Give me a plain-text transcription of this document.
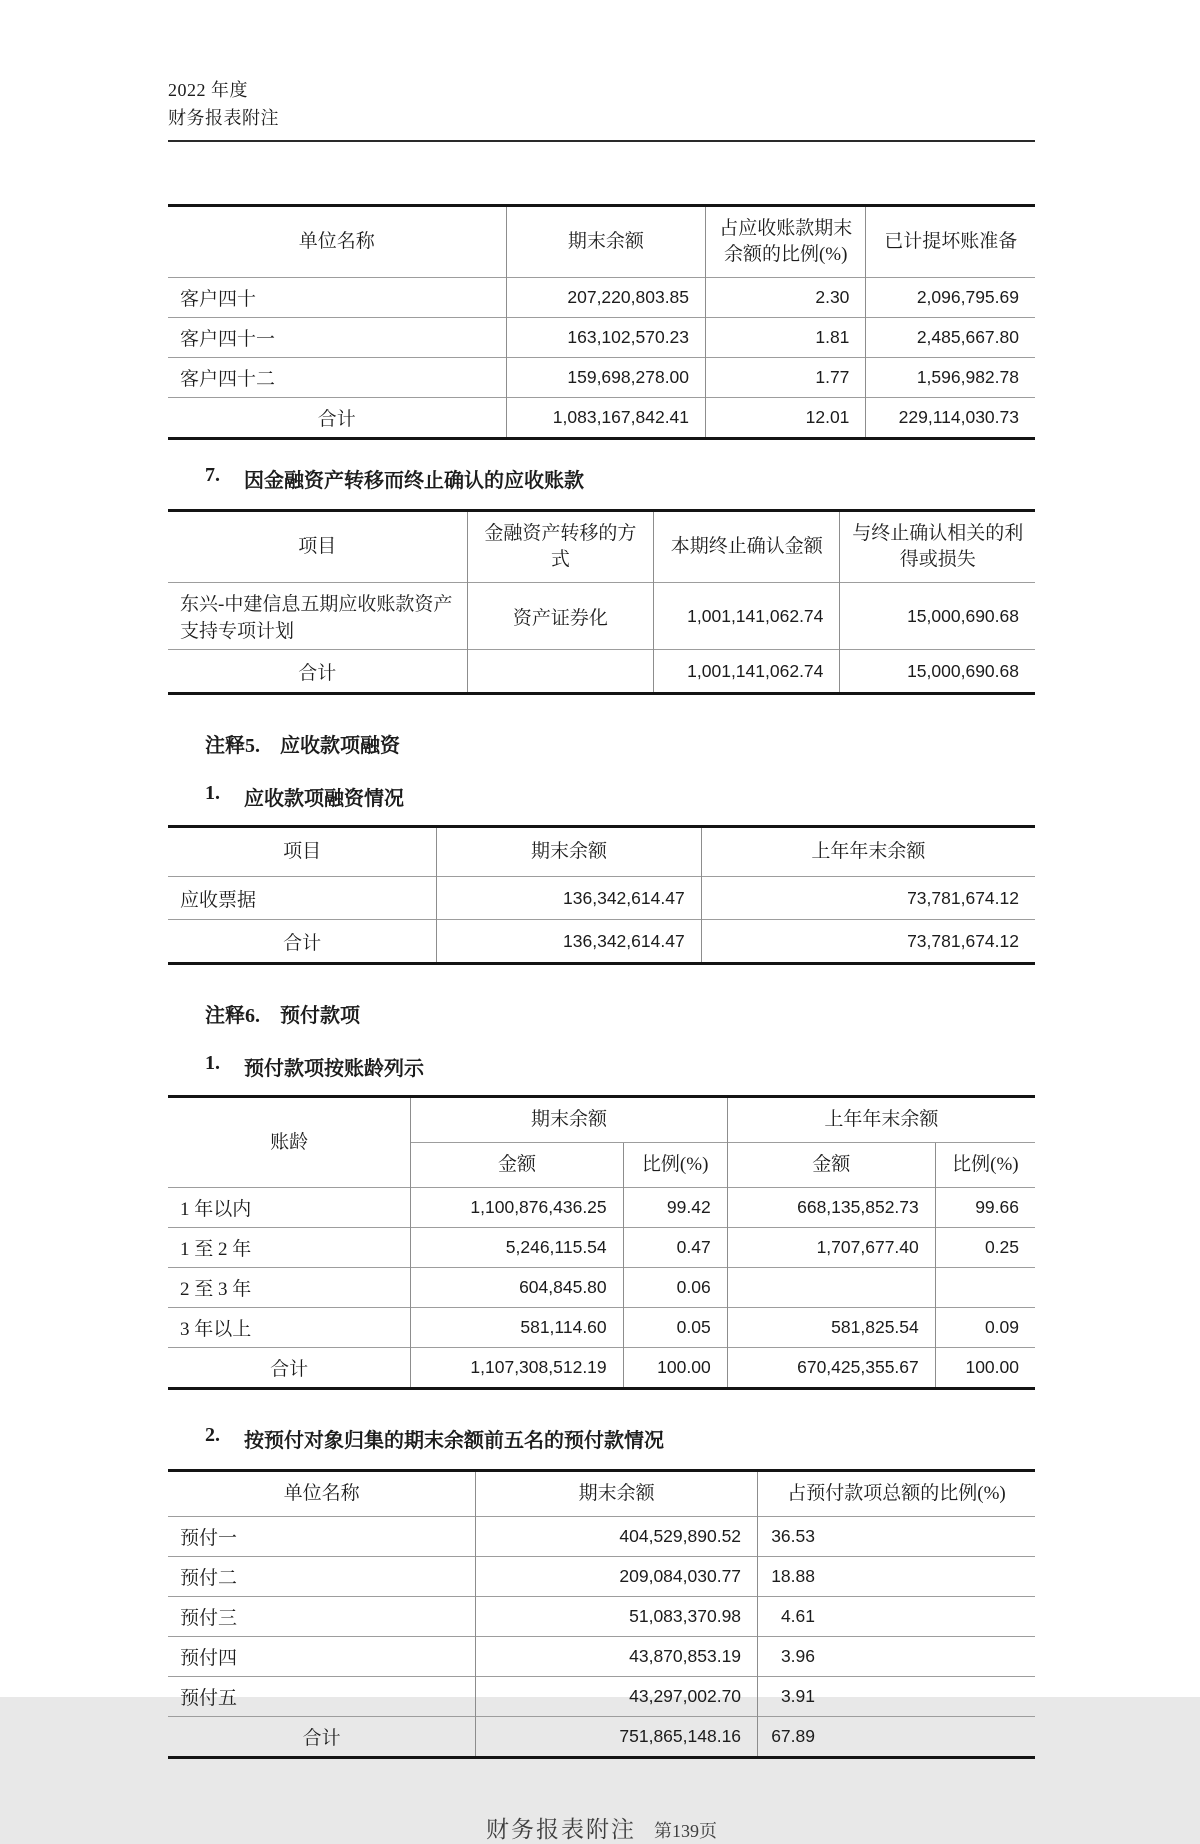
2022 年度
财务报表附注
单位名称	期末余额	占应收账款期末余额的比例(%)	已计提坏账准备
客户四十	207,220,803.85	2.30	2,096,795.69
客户四十一	163,102,570.23	1.81	2,485,667.80
客户四十二	159,698,278.00	1.77	1,596,982.78
合计	1,083,167,842.41	12.01	229,114,030.73
7. 因金融资产转移而终止确认的应收账款
项目	金融资产转移的方式	本期终止确认金额	与终止确认相关的利得或损失
东兴-中建信息五期应收账款资产支持专项计划	资产证券化	1,001,141,062.74	15,000,690.68
合计		1,001,141,062.74	15,000,690.68
注释5. 应收款项融资
1. 应收款项融资情况
项目	期末余额	上年年末余额
应收票据	136,342,614.47	73,781,674.12
合计	136,342,614.47	73,781,674.12
注释6. 预付款项
1. 预付款项按账龄列示
账龄	期末余额		上年年末余额	
	金额	比例(%)	金额	比例(%)
1 年以内	1,100,876,436.25	99.42	668,135,852.73	99.66
1 至 2 年	5,246,115.54	0.47	1,707,677.40	0.25
2 至 3 年	604,845.80	0.06		
3 年以上	581,114.60	0.05	581,825.54	0.09
合计	1,107,308,512.19	100.00	670,425,355.67	100.00
2. 按预付对象归集的期末余额前五名的预付款情况
单位名称	期末余额	占预付款项总额的比例(%)
预付一	404,529,890.52	36.53
预付二	209,084,030.77	18.88
预付三	51,083,370.98	4.61
预付四	43,870,853.19	3.96
预付五	43,297,002.70	3.91
合计	751,865,148.16	67.89
财务报表附注 第139页
